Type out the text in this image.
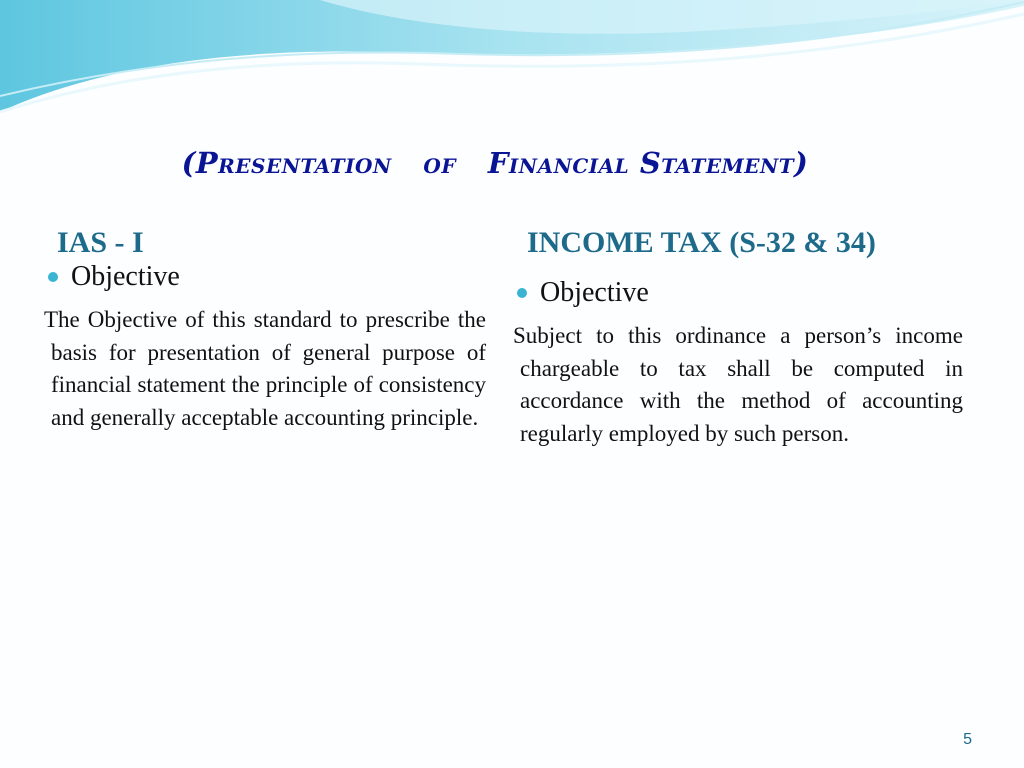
(Presentation   of   Financial Statement)
IAS - I
Objective
The Objective of this standard to prescribe the basis for presentation of general purpose of financial statement the principle of consistency and generally acceptable accounting principle.
INCOME TAX (S-32 & 34)
Objective
Subject to this ordinance a person’s income chargeable to tax shall be computed in accordance with the method of accounting regularly employed by such person.
5
